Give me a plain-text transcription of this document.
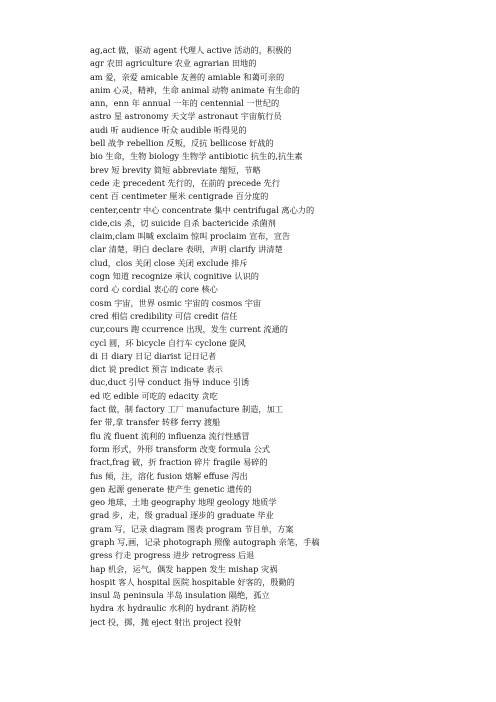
ag,act 做，驱动 agent 代理人 active 活动的，积极的
agr 农田 agriculture 农业 agrarian 田地的
am 爱，亲爱 amicable 友善的 amiable 和蔼可亲的
anim 心灵，精神，生命 animal 动物 animate 有生命的
ann，enn 年 annual 一年的 centennial 一世纪的
astro 星 astronomy 天文学 astronaut 宇宙航行员
audi 听 audience 听众 audible 听得见的
bell 战争 rebellion 反叛，反抗 bellicose 好战的
bio 生命，生物 biology 生物学 antibiotic 抗生的,抗生素
brev 短 brevity 简短 abbreviate 缩短，节略
cede 走 precedent 先行的，在前的 precede 先行
cent 百 centimeter 厘米 centigrade 百分度的
center,centr 中心 concentrate 集中 centrifugal 离心力的
cide,cis 杀，切 suicide 自杀 bactericide 杀菌剂
claim,clam 叫喊 exclaim 惊叫 proclaim 宣布，宣告
clar 清楚，明白 declare 表明，声明 clarify 讲清楚
clud，clos 关闭 close 关闭 exclude 排斥
cogn 知道 recognize 承认 cognitive 认识的
cord 心 cordial 衷心的 core 核心
cosm 宇宙，世界 osmic 宇宙的 cosmos 宇宙
cred 相信 credibility 可信 credit 信任
cur,cours 跑 ccurrence 出现，发生 current 流通的
cycl 圆，环 bicycle 自行车 cyclone 旋风
di 日 diary 日记 diarist 记日记者
dict 说 predict 预言 indicate 表示
duc,duct 引导 conduct 指导 induce 引诱
ed 吃 edible 可吃的 edacity 贪吃
fact 做，制 factory 工厂 manufacture 制造，加工
fer 带,拿 transfer 转移 ferry 渡船
flu 流 fluent 流利的 influenza 流行性感冒
form 形式，外形 transform 改变 formula 公式
fract,frag 破，折 fraction 碎片 fragile 易碎的
fus 倾，注，溶化 fusion 熔解 effuse 泻出
gen 起源 generate 使产生 genetic 遗传的
geo 地球，土地 geography 地理 geology 地质学
grad 步，走，级 gradual 逐步的 graduate 毕业
gram 写，记录 diagram 图表 program 节目单，方案
graph 写,画，记录 photograph 照像 autograph 亲笔，手稿
gress 行走 progress 进步 retrogress 后退
hap 机会，运气，偶发 happen 发生 mishap 灾祸
hospit 客人 hospital 医院 hospitable 好客的，殷勤的
insul 岛 peninsula 半岛 insulation 隔绝，孤立
hydra 水 hydraulic 水利的 hydrant 消防栓
ject 投，掷，抛 eject 射出 project 投射
